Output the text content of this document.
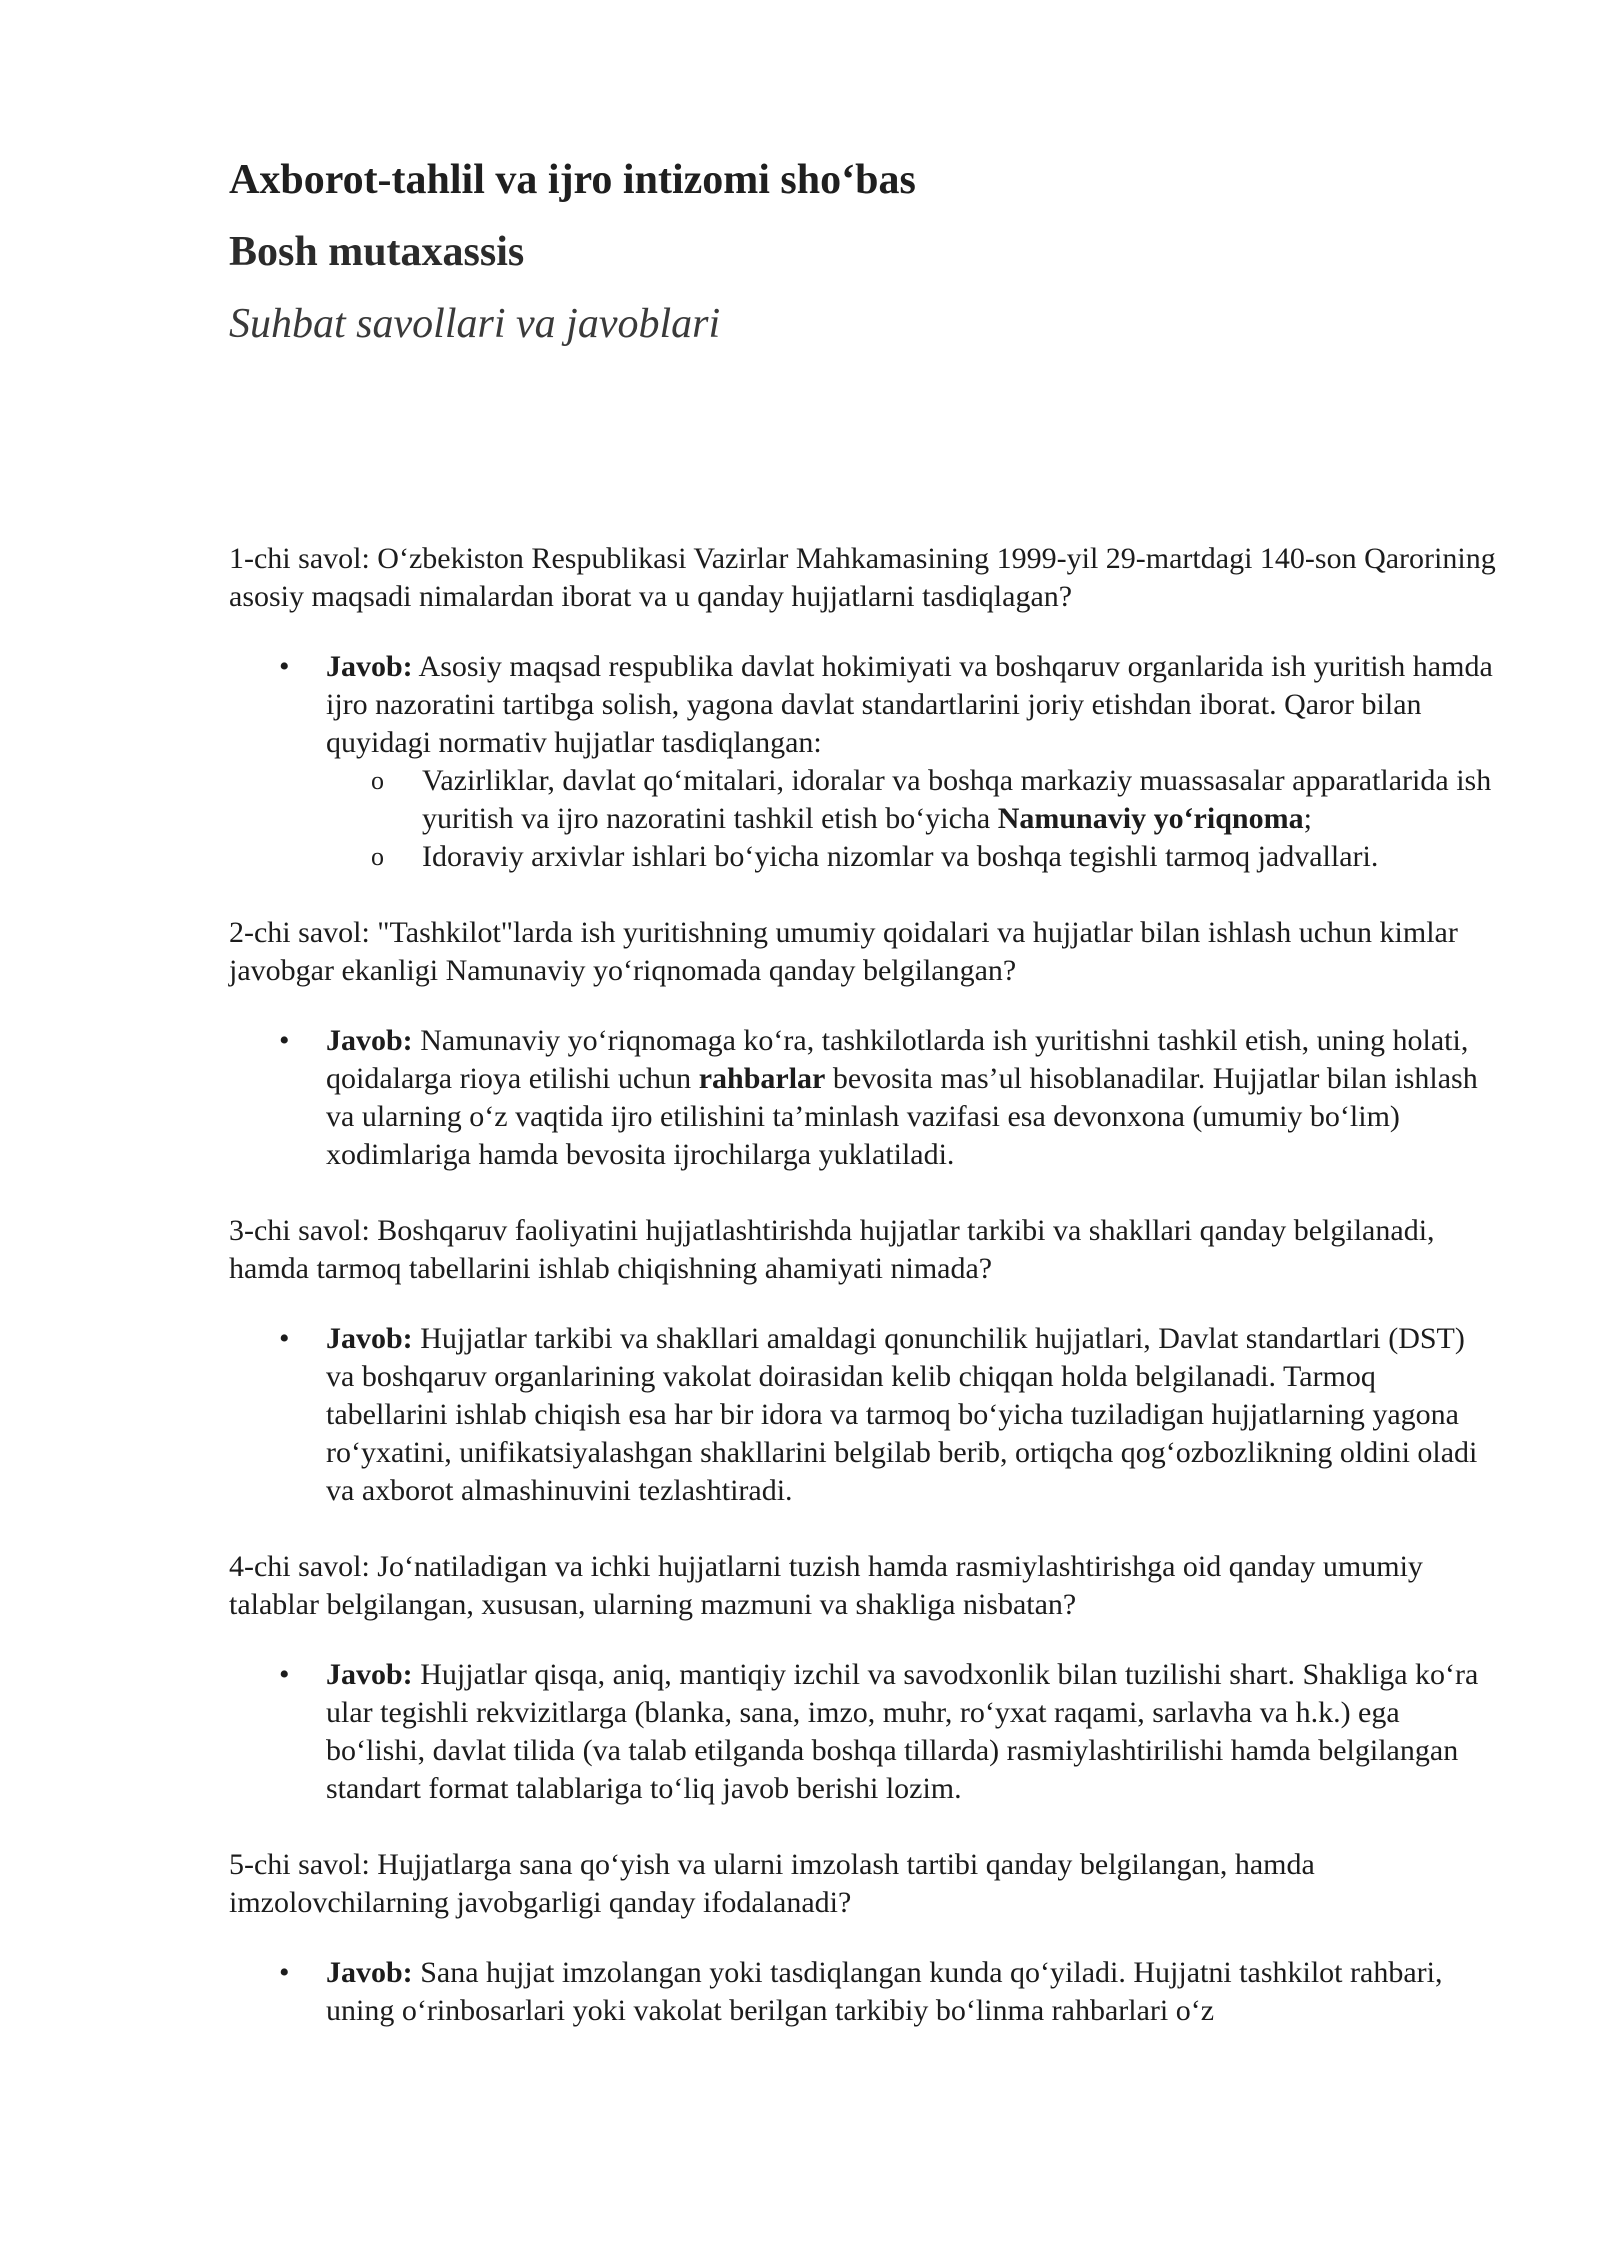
Axborot-tahlil va ijro intizomi sho‘bas
Bosh mutaxassis
Suhbat savollari va javoblari

1-chi savol: O‘zbekiston Respublikasi Vazirlar Mahkamasining 1999-yil 29-martdagi 140-son Qarorining asosiy maqsadi nimalardan iborat va u qanday hujjatlarni tasdiqlagan?

• Javob: Asosiy maqsad respublika davlat hokimiyati va boshqaruv organlarida ish yuritish hamda ijro nazoratini tartibga solish, yagona davlat standartlarini joriy etishdan iborat. Qaror bilan quyidagi normativ hujjatlar tasdiqlangan:
o Vazirliklar, davlat qo‘mitalari, idoralar va boshqa markaziy muassasalar apparatlarida ish yuritish va ijro nazoratini tashkil etish bo‘yicha Namunaviy yo‘riqnoma;
o Idoraviy arxivlar ishlari bo‘yicha nizomlar va boshqa tegishli tarmoq jadvallari.

2-chi savol: "Tashkilot"larda ish yuritishning umumiy qoidalari va hujjatlar bilan ishlash uchun kimlar javobgar ekanligi Namunaviy yo‘riqnomada qanday belgilangan?

• Javob: Namunaviy yo‘riqnomaga ko‘ra, tashkilotlarda ish yuritishni tashkil etish, uning holati, qoidalarga rioya etilishi uchun rahbarlar bevosita mas’ul hisoblanadilar. Hujjatlar bilan ishlash va ularning o‘z vaqtida ijro etilishini ta’minlash vazifasi esa devonxona (umumiy bo‘lim) xodimlariga hamda bevosita ijrochilarga yuklatiladi.

3-chi savol: Boshqaruv faoliyatini hujjatlashtirishda hujjatlar tarkibi va shakllari qanday belgilanadi, hamda tarmoq tabellarini ishlab chiqishning ahamiyati nimada?

• Javob: Hujjatlar tarkibi va shakllari amaldagi qonunchilik hujjatlari, Davlat standartlari (DST) va boshqaruv organlarining vakolat doirasidan kelib chiqqan holda belgilanadi. Tarmoq tabellarini ishlab chiqish esa har bir idora va tarmoq bo‘yicha tuziladigan hujjatlarning yagona ro‘yxatini, unifikatsiyalashgan shakllarini belgilab berib, ortiqcha qog‘ozbozlikning oldini oladi va axborot almashinuvini tezlashtiradi.

4-chi savol: Jo‘natiladigan va ichki hujjatlarni tuzish hamda rasmiylashtirishga oid qanday umumiy talablar belgilangan, xususan, ularning mazmuni va shakliga nisbatan?

• Javob: Hujjatlar qisqa, aniq, mantiqiy izchil va savodxonlik bilan tuzilishi shart. Shakliga ko‘ra ular tegishli rekvizitlarga (blanka, sana, imzo, muhr, ro‘yxat raqami, sarlavha va h.k.) ega bo‘lishi, davlat tilida (va talab etilganda boshqa tillarda) rasmiylashtirilishi hamda belgilangan standart format talablariga to‘liq javob berishi lozim.

5-chi savol: Hujjatlarga sana qo‘yish va ularni imzolash tartibi qanday belgilangan, hamda imzolovchilarning javobgarligi qanday ifodalanadi?

• Javob: Sana hujjat imzolangan yoki tasdiqlangan kunda qo‘yiladi. Hujjatni tashkilot rahbari, uning o‘rinbosarlari yoki vakolat berilgan tarkibiy bo‘linma rahbarlari o‘z
